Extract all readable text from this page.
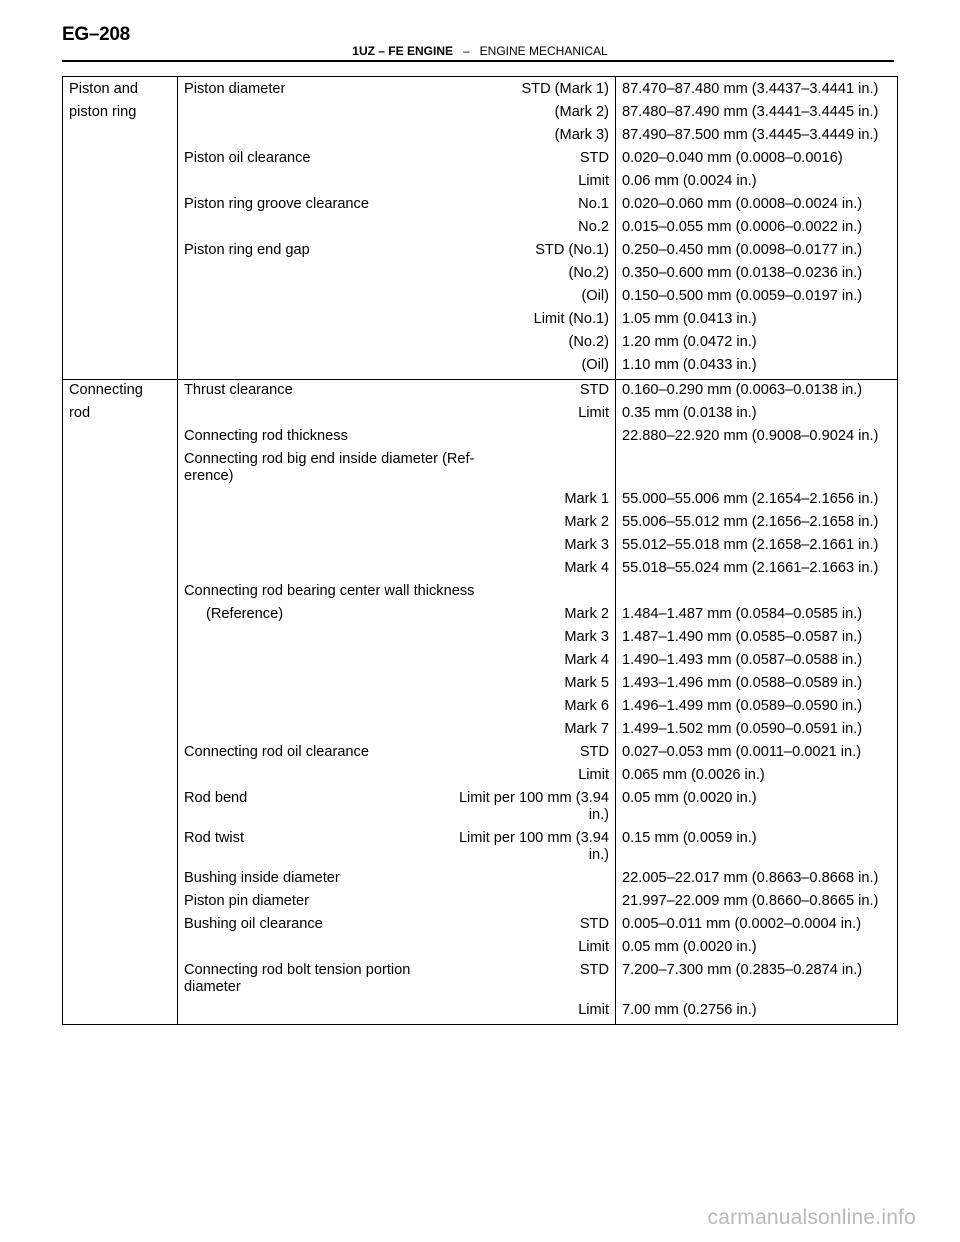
EG–208
1UZ – FE ENGINE – ENGINE MECHANICAL
Piston and	Piston diameter	STD (Mark 1)	87.470–87.480 mm (3.4437–3.4441 in.)
piston ring		(Mark 2)	87.480–87.490 mm (3.4441–3.4445 in.)
		(Mark 3)	87.490–87.500 mm (3.4445–3.4449 in.)
	Piston oil clearance	STD	0.020–0.040 mm (0.0008–0.0016)
		Limit	0.06 mm (0.0024 in.)
	Piston ring groove clearance	No.1	0.020–0.060 mm (0.0008–0.0024 in.)
		No.2	0.015–0.055 mm (0.0006–0.0022 in.)
	Piston ring end gap	STD (No.1)	0.250–0.450 mm (0.0098–0.0177 in.)
		(No.2)	0.350–0.600 mm (0.0138–0.0236 in.)
		(Oil)	0.150–0.500 mm (0.0059–0.0197 in.)
		Limit (No.1)	1.05 mm (0.0413 in.)
		(No.2)	1.20 mm (0.0472 in.)
		(Oil)	1.10 mm (0.0433 in.)
Connecting	Thrust clearance	STD	0.160–0.290 mm (0.0063–0.0138 in.)
rod		Limit	0.35 mm (0.0138 in.)
	Connecting rod thickness		22.880–22.920 mm (0.9008–0.9024 in.)
	Connecting rod big end inside diameter (Ref- erence)		
		Mark 1	55.000–55.006 mm (2.1654–2.1656 in.)
		Mark 2	55.006–55.012 mm (2.1656–2.1658 in.)
		Mark 3	55.012–55.018 mm (2.1658–2.1661 in.)
		Mark 4	55.018–55.024 mm (2.1661–2.1663 in.)
	Connecting rod bearing center wall thickness		
	(Reference)	Mark 2	1.484–1.487 mm (0.0584–0.0585 in.)
		Mark 3	1.487–1.490 mm (0.0585–0.0587 in.)
		Mark 4	1.490–1.493 mm (0.0587–0.0588 in.)
		Mark 5	1.493–1.496 mm (0.0588–0.0589 in.)
		Mark 6	1.496–1.499 mm (0.0589–0.0590 in.)
		Mark 7	1.499–1.502 mm (0.0590–0.0591 in.)
	Connecting rod oil clearance	STD	0.027–0.053 mm (0.0011–0.0021 in.)
		Limit	0.065 mm (0.0026 in.)
	Rod bend	Limit per 100 mm (3.94 in.)	0.05 mm (0.0020 in.)
	Rod twist	Limit per 100 mm (3.94 in.)	0.15 mm (0.0059 in.)
	Bushing inside diameter		22.005–22.017 mm (0.8663–0.8668 in.)
	Piston pin diameter		21.997–22.009 mm (0.8660–0.8665 in.)
	Bushing oil clearance	STD	0.005–0.011 mm (0.0002–0.0004 in.)
		Limit	0.05 mm (0.0020 in.)
	Connecting rod bolt tension portion diameter	STD	7.200–7.300 mm (0.2835–0.2874 in.)
		Limit	7.00 mm (0.2756 in.)
carmanualsonline.info
